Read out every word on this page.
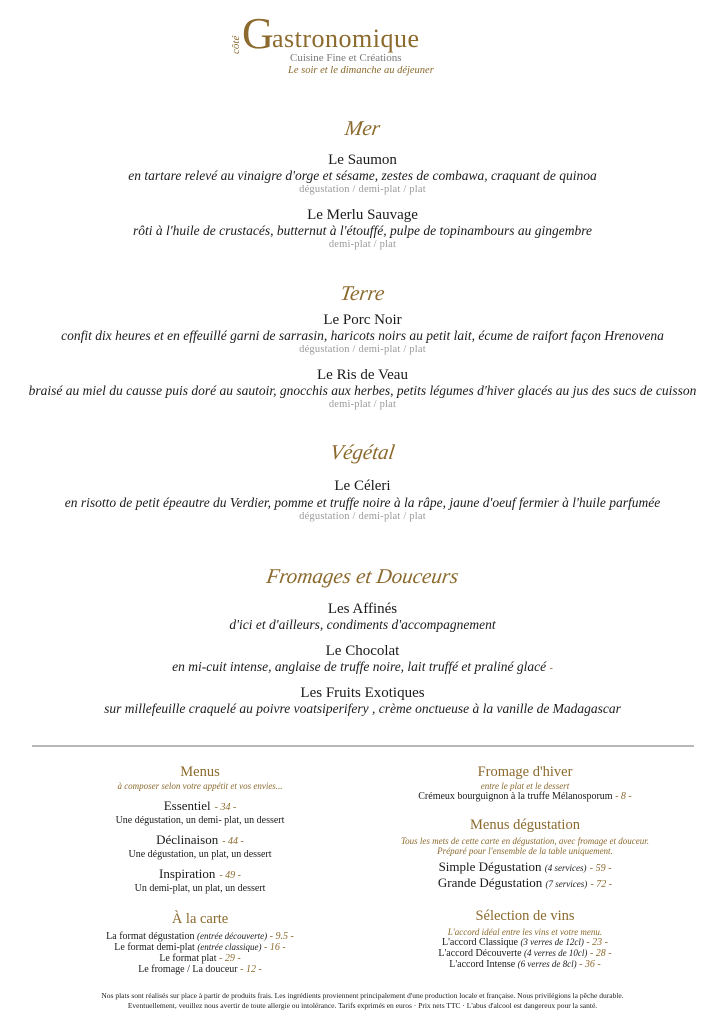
côté G
astronomique
Cuisine Fine et Créations
Le soir et le dimanche au déjeuner
Mer
Le Saumon
en tartare relevé au vinaigre d'orge et sésame, zestes de combawa, craquant de quinoa
dégustation / demi-plat / plat
Le Merlu Sauvage
rôti à l'huile de crustacés, butternut à l'étouffé, pulpe de topinambours au gingembre
demi-plat / plat
Terre
Le Porc Noir
confit dix heures et en effeuillé garni de sarrasin, haricots noirs au petit lait, écume de raifort façon Hrenovena
dégustation / demi-plat / plat
Le Ris de Veau
braisé au miel du causse puis doré au sautoir, gnocchis aux herbes, petits légumes d'hiver glacés au jus des sucs de cuisson
demi-plat / plat
Végétal
Le Céleri
en risotto de petit épeautre du Verdier, pomme et truffe noire à la râpe, jaune d'oeuf fermier à l'huile parfumée
dégustation / demi-plat / plat
Fromages et Douceurs
Les Affinés
d'ici et d'ailleurs, condiments d'accompagnement
Le Chocolat
en mi-cuit intense, anglaise de truffe noire, lait truffé et praliné glacé -
Les Fruits Exotiques
sur millefeuille craquelé au poivre voatsiperifery , crème onctueuse à la vanille de Madagascar
Menus
à composer selon votre appétit et vos envies...
Essentiel - 34 -
Une dégustation, un demi- plat, un dessert
Déclinaison - 44 -
Une dégustation, un plat, un dessert
Inspiration - 49 -
Un demi-plat, un plat, un dessert
À la carte
La format dégustation (entrée découverte) - 9.5 -
Le format demi-plat (entrée classique) - 16 -
Le format plat - 29 -
Le fromage / La douceur - 12 -
Fromage d'hiver
entre le plat et le dessert
Crémeux bourguignon à la truffe Mélanosporum - 8 -
Menus dégustation
Tous les mets de cette carte en dégustation, avec fromage et douceur.
Préparé pour l'ensemble de la table uniquement.
Simple Dégustation (4 services) - 59 -
Grande Dégustation (7 services) - 72 -
Sélection de vins
L'accord idéal entre les vins et votre menu.
L'accord Classique (3 verres de 12cl) - 23 -
L'accord Découverte (4 verres de 10cl) - 28 -
L'accord Intense (6 verres de 8cl) - 36 -
Nos plats sont réalisés sur place à partir de produits frais. Les ingrédients proviennent principalement d'une production locale et française. Nous privilégions la pêche durable.
Eventuellement, veuillez nous avertir de toute allergie ou intolérance. Tarifs exprimés en euros · Prix nets TTC · L'abus d'alcool est dangereux pour la santé.
